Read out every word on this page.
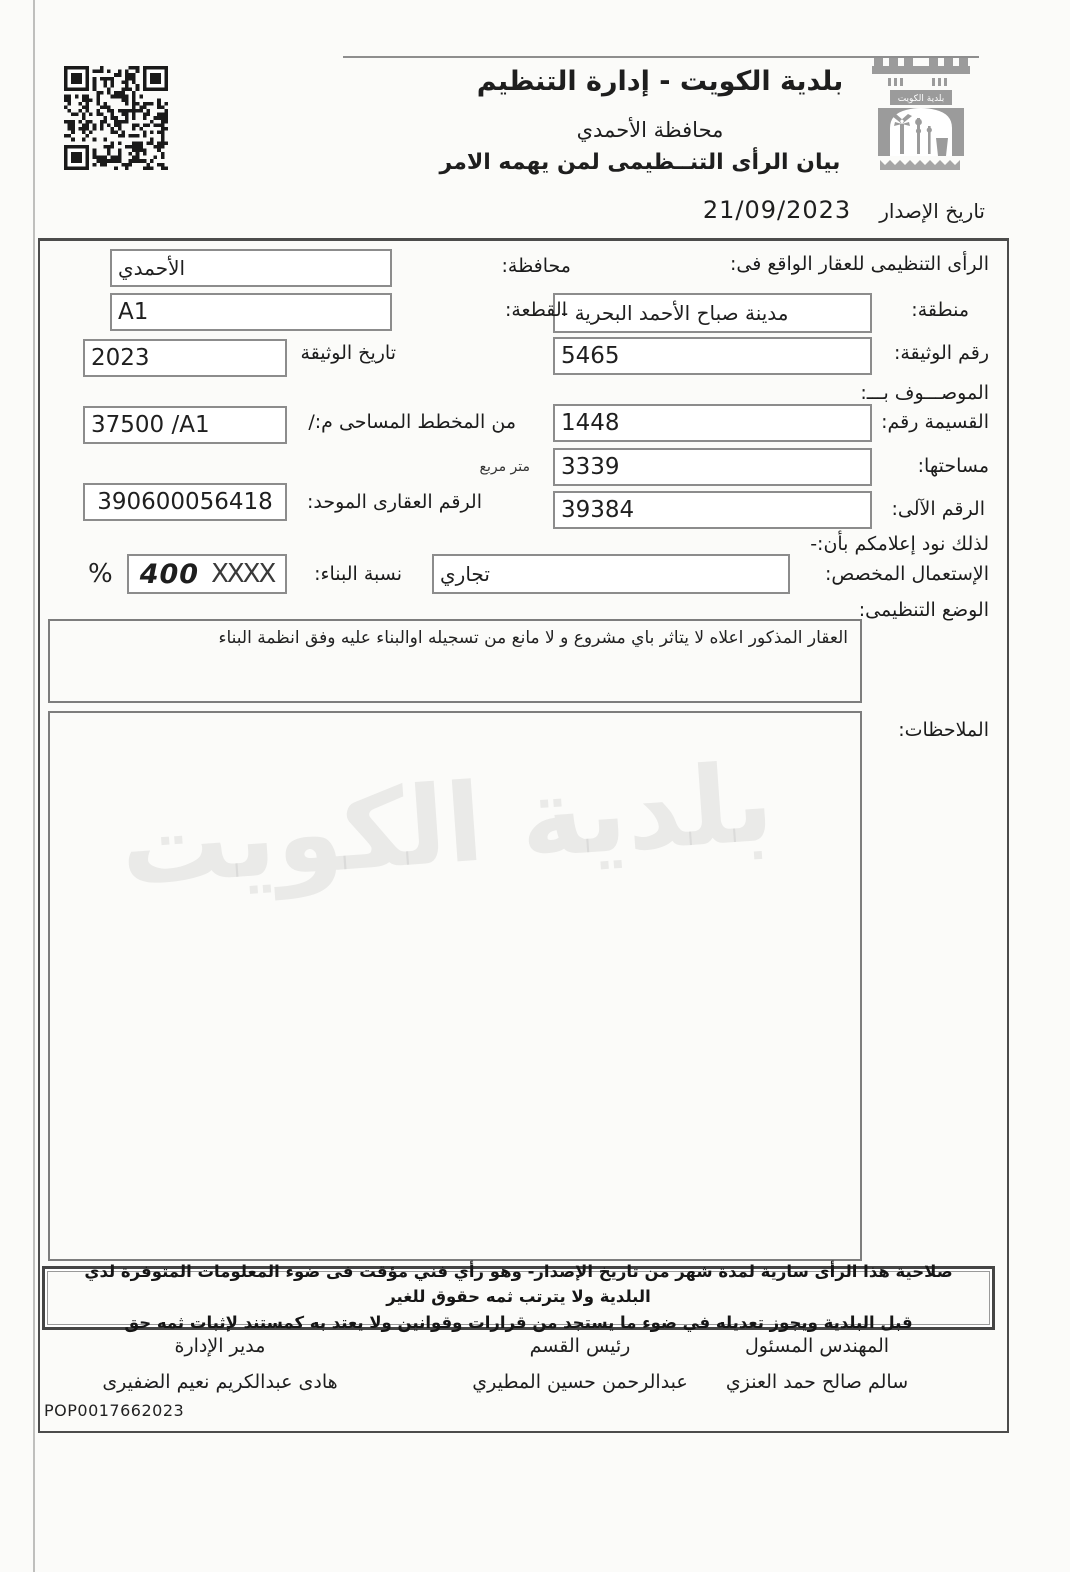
بلدية الكويت
بلدية الكويت - إدارة التنظيم
محافظة الأحمدي
بيان الرأى التنــظيمى لمن يهمه الامر
تاريخ الإصدار
21/09/2023
الرأى التنظيمى للعقار الواقع فى:
محافظة:
الأحمدي
منطقة:
مدينة صباح الأحمد البحرية -
القطعة:
A1
رقم الوثيقة:
5465
تاريخ الوثيقة
2023
الموصـــوف بـــ:
القسيمة رقم:
1448
من المخطط المساحى م:/
37500 /A1
مساحتها:
3339
متر مربع
الرقم الآلى:
39384
الرقم العقارى الموحد:
390600056418
لذلك نود إعلامكم بأن:-
الإستعمال المخصص:
تجاري
نسبة البناء:
400 XXXX
%
الوضع التنظيمى:
العقار المذكور اعلاه لا يتاثر باي مشروع و لا مانع من تسجيله اوالبناء عليه وفق انظمة البناء
الملاحظات:
بلدية الكويت
صلاحية هذا الرأى سارية لمدة شهر من تاريخ الإصدار- وهو رأي فني مؤقت فى ضوء المعلومات المتوفرة لدي البلدية ولا يترتب ثمه حقوق للغير
قبل البلدية ويجوز تعديله في ضوء ما يستجد من قرارات وقوانين ولا يعتد به كمستند لإثبات ثمه حق
المهندس المسئول
سالم صالح حمد العنزي
رئيس القسم
عبدالرحمن حسين المطيري
مدير الإدارة
هادى عبدالكريم نعيم الضفيرى
POP0017662023
